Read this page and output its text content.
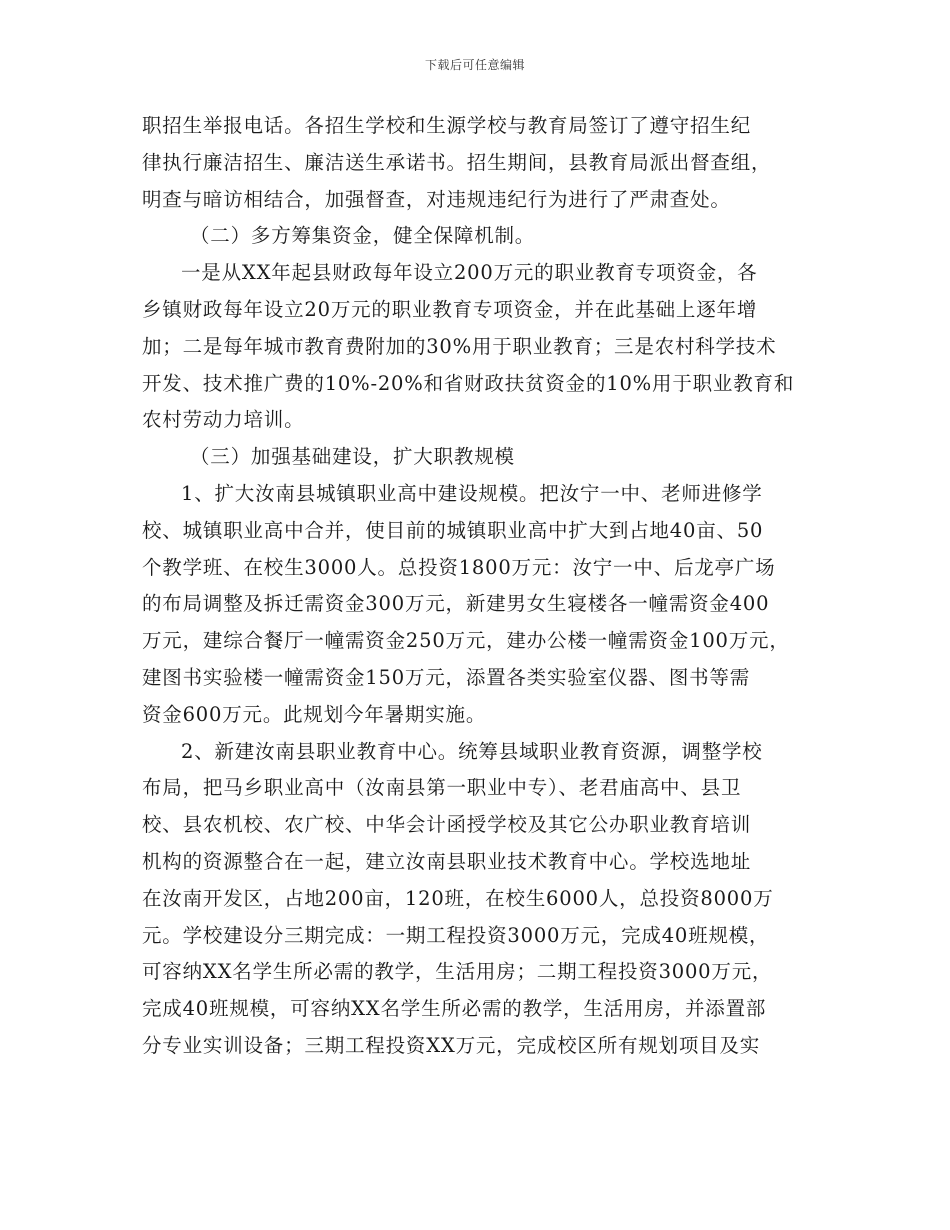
下载后可任意编辑
职招生举报电话。各招生学校和生源学校与教育局签订了遵守招生纪
律执行廉洁招生、廉洁送生承诺书。招生期间，县教育局派出督查组，
明查与暗访相结合，加强督查，对违规违纪行为进行了严肃查处。
（二）多方筹集资金，健全保障机制。
一是从XX年起县财政每年设立200万元的职业教育专项资金，各
乡镇财政每年设立20万元的职业教育专项资金，并在此基础上逐年增
加；二是每年城市教育费附加的30%用于职业教育；三是农村科学技术
开发、技术推广费的10%-20%和省财政扶贫资金的10%用于职业教育和
农村劳动力培训。
（三）加强基础建设，扩大职教规模
1、扩大汝南县城镇职业高中建设规模。把汝宁一中、老师进修学
校、城镇职业高中合并，使目前的城镇职业高中扩大到占地40亩、50
个教学班、在校生3000人。总投资1800万元：汝宁一中、后龙亭广场
的布局调整及拆迁需资金300万元，新建男女生寝楼各一幢需资金400
万元，建综合餐厅一幢需资金250万元，建办公楼一幢需资金100万元，
建图书实验楼一幢需资金150万元，添置各类实验室仪器、图书等需
资金600万元。此规划今年暑期实施。
2、新建汝南县职业教育中心。统筹县域职业教育资源，调整学校
布局，把马乡职业高中（汝南县第一职业中专）、老君庙高中、县卫
校、县农机校、农广校、中华会计函授学校及其它公办职业教育培训
机构的资源整合在一起，建立汝南县职业技术教育中心。学校选地址
在汝南开发区，占地200亩，120班，在校生6000人，总投资8000万
元。学校建设分三期完成：一期工程投资3000万元，完成40班规模，
可容纳XX名学生所必需的教学，生活用房；二期工程投资3000万元，
完成40班规模，可容纳XX名学生所必需的教学，生活用房，并添置部
分专业实训设备；三期工程投资XX万元，完成校区所有规划项目及实
